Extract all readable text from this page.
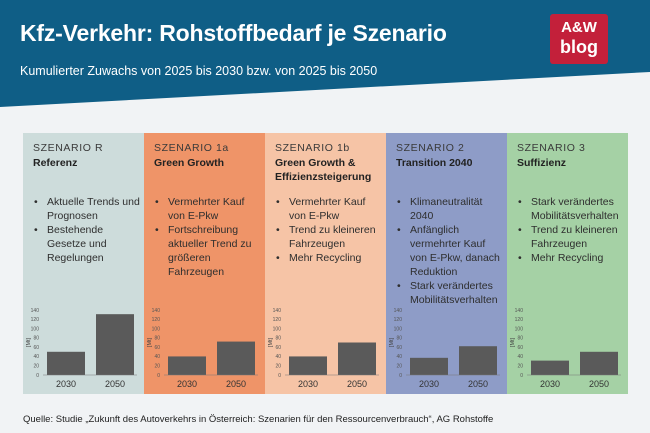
Kfz-Verkehr: Rohstoffbedarf je Szenario
Kumulierter Zuwachs von 2025 bis 2030 bzw. von 2025 bis 2050
A&W
blog
SZENARIO R
Referenz
• Aktuelle Trends und Prognosen
• Bestehende Gesetze und Regelungen
0
20
40
60
80
100
120
140
[Mt]
2030	2050
SZENARIO 1a
Green Growth
• Vermehrter Kauf von E-Pkw
• Fortschreibung aktueller Trend zu größeren Fahrzeugen
0
20
40
60
80
100
120
140
[Mt]
2030	2050
SZENARIO 1b
Green Growth & Effizienzsteigerung
• Vermehrter Kauf von E-Pkw
• Trend zu kleineren Fahrzeugen
• Mehr Recycling
0
20
40
60
80
100
120
140
[Mt]
2030	2050
SZENARIO 2
Transition 2040
• Klimaneutralität 2040
• Anfänglich vermehrter Kauf von E-Pkw, danach Reduktion
• Stark verändertes Mobilitätsverhalten
0
20
40
60
80
100
120
140
[Mt]
2030	2050
SZENARIO 3
Suffizienz
• Stark verändertes Mobilitätsverhalten
• Trend zu kleineren Fahrzeugen
• Mehr Recycling
0
20
40
60
80
100
120
140
[Mt]
2030	2050
Quelle: Studie „Zukunft des Autoverkehrs in Österreich: Szenarien für den Ressourcenverbrauch“, AG Rohstoffe
